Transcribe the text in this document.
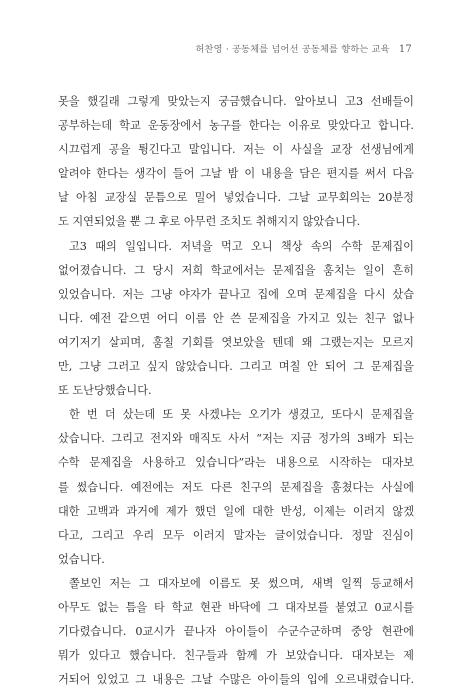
허찬영 · 공동체를 넘어선 공동체를 향하는 교육 17
못을 했길래 그렇게 맞았는지 궁금했습니다. 알아보니 고3 선배들이
공부하는데 학교 운동장에서 농구를 한다는 이유로 맞았다고 합니다.
시끄럽게 공을 튕긴다고 말입니다. 저는 이 사실을 교장 선생님에게
알려야 한다는 생각이 들어 그날 밤 이 내용을 담은 편지를 써서 다음
날 아침 교장실 문틈으로 밀어 넣었습니다. 그날 교무회의는 20분정
도 지연되었을 뿐 그 후로 아무런 조치도 취해지지 않았습니다.
고3 때의 일입니다. 저녁을 먹고 오니 책상 속의 수학 문제집이
없어졌습니다. 그 당시 저희 학교에서는 문제집을 훔치는 일이 흔히
있었습니다. 저는 그냥 야자가 끝나고 집에 오며 문제집을 다시 샀습
니다. 예전 같으면 어디 이름 안 쓴 문제집을 가지고 있는 친구 없나
여기저기 살피며, 훔칠 기회를 엿보았을 텐데 왜 그랬는지는 모르지
만, 그냥 그러고 싶지 않았습니다. 그리고 며칠 안 되어 그 문제집을
또 도난당했습니다.
한 번 더 샀는데 또 못 사겠냐는 오기가 생겼고, 또다시 문제집을
샀습니다. 그리고 전지와 매직도 사서 “저는 지금 정가의 3배가 되는
수학 문제집을 사용하고 있습니다”라는 내용으로 시작하는 대자보
를 썼습니다. 예전에는 저도 다른 친구의 문제집을 훔쳤다는 사실에
대한 고백과 과거에 제가 했던 일에 대한 반성, 이제는 이러지 않겠
다고, 그리고 우리 모두 이러지 말자는 글이었습니다. 정말 진심이
었습니다.
쫄보인 저는 그 대자보에 이름도 못 썼으며, 새벽 일찍 등교해서
아무도 없는 틈을 타 학교 현관 바닥에 그 대자보를 붙였고 0교시를
기다렸습니다. 0교시가 끝나자 아이들이 수군수군하며 중앙 현관에
뭐가 있다고 했습니다. 친구들과 함께 가 보았습니다. 대자보는 제
거되어 있었고 그 내용은 그날 수많은 아이들의 입에 오르내렸습니다.
